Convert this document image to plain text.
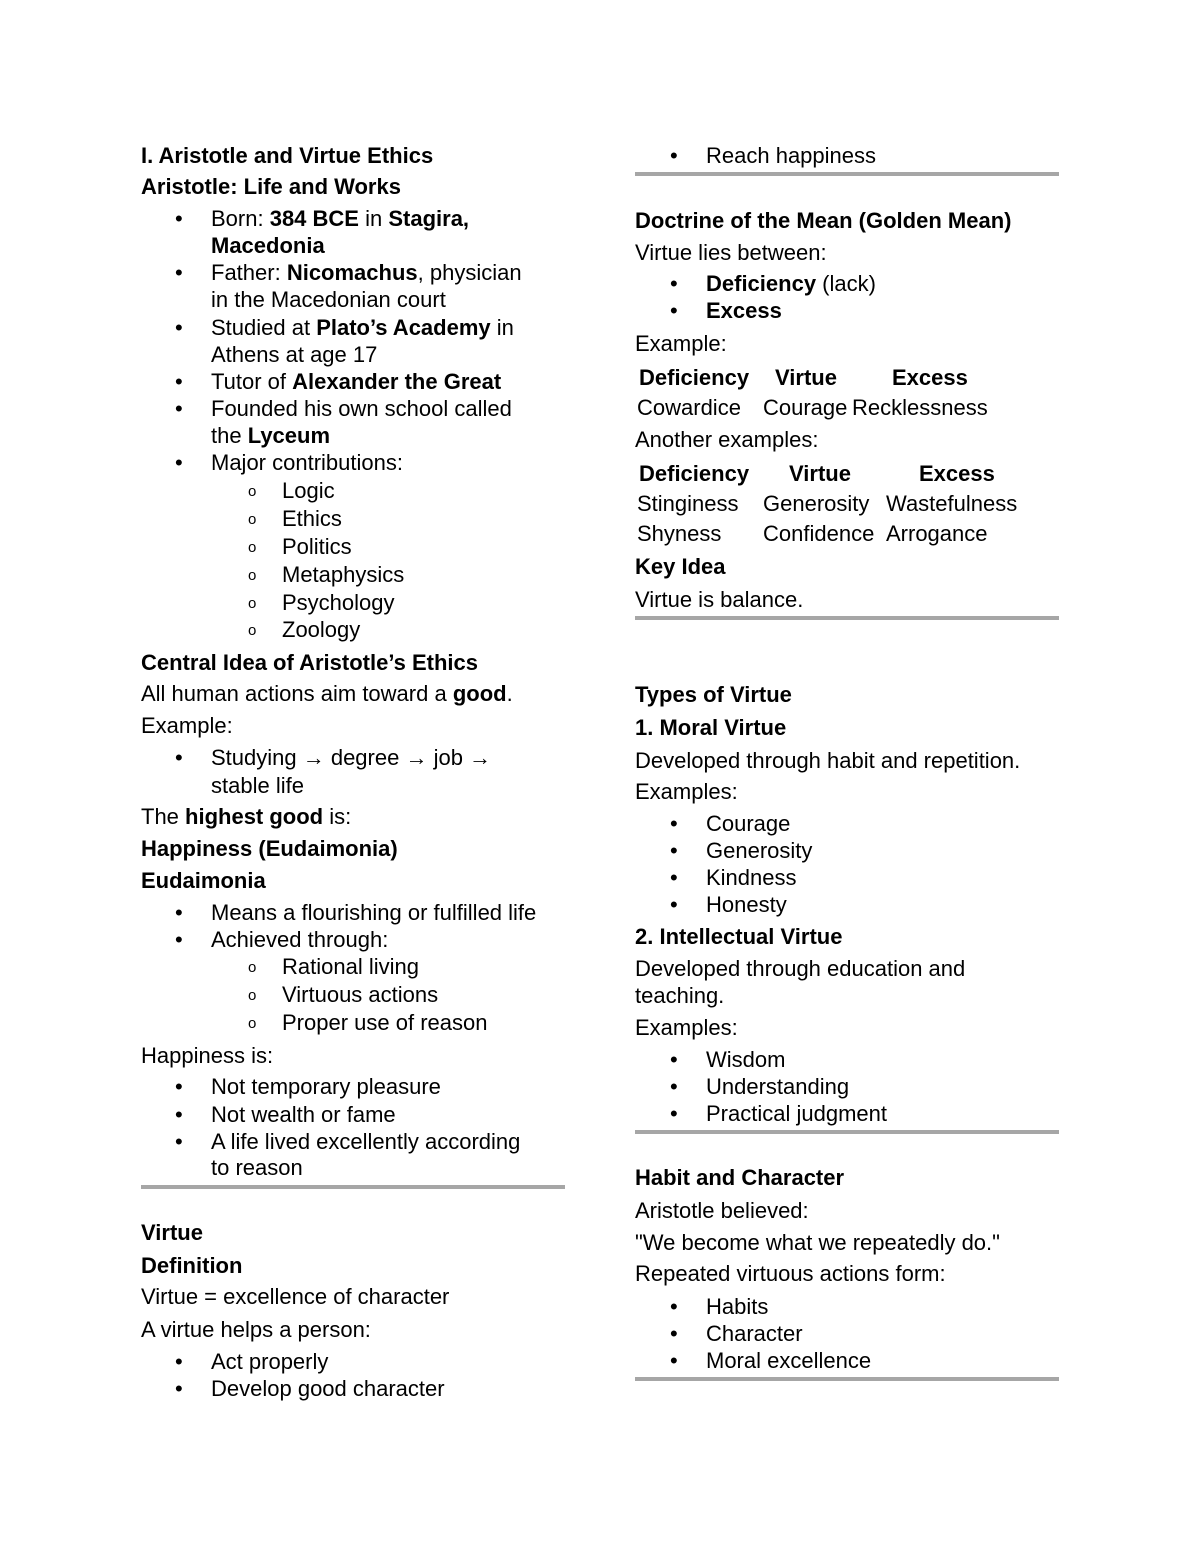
I. Aristotle and Virtue Ethics
Aristotle: Life and Works
• Born: 384 BCE in Stagira,
Macedonia
• Father: Nicomachus, physician
in the Macedonian court
• Studied at Plato’s Academy in
Athens at age 17
• Tutor of Alexander the Great
• Founded his own school called
the Lyceum
• Major contributions:
o Logic
o Ethics
o Politics
o Metaphysics
o Psychology
o Zoology
Central Idea of Aristotle’s Ethics
All human actions aim toward a good.
Example:
• Studying → degree → job →
stable life
The highest good is:
Happiness (Eudaimonia)
Eudaimonia
• Means a flourishing or fulfilled life
• Achieved through:
o Rational living
o Virtuous actions
o Proper use of reason
Happiness is:
• Not temporary pleasure
• Not wealth or fame
• A life lived excellently according
to reason
Virtue
Definition
Virtue = excellence of character
A virtue helps a person:
• Act properly
• Develop good character
• Reach happiness
Doctrine of the Mean (Golden Mean)
Virtue lies between:
• Deficiency (lack)
• Excess
Example:
Deficiency Virtue	Excess
Cowardice Courage Recklessness
Another examples:
Deficiency Virtue	Excess
Stinginess Generosity Wastefulness
Shyness Confidence Arrogance
Key Idea
Virtue is balance.
Types of Virtue
1. Moral Virtue
Developed through habit and repetition.
Examples:
• Courage
• Generosity
• Kindness
• Honesty
2. Intellectual Virtue
Developed through education and
teaching.
Examples:
• Wisdom
• Understanding
• Practical judgment
Habit and Character
Aristotle believed:
"We become what we repeatedly do."
Repeated virtuous actions form:
• Habits
• Character
• Moral excellence
